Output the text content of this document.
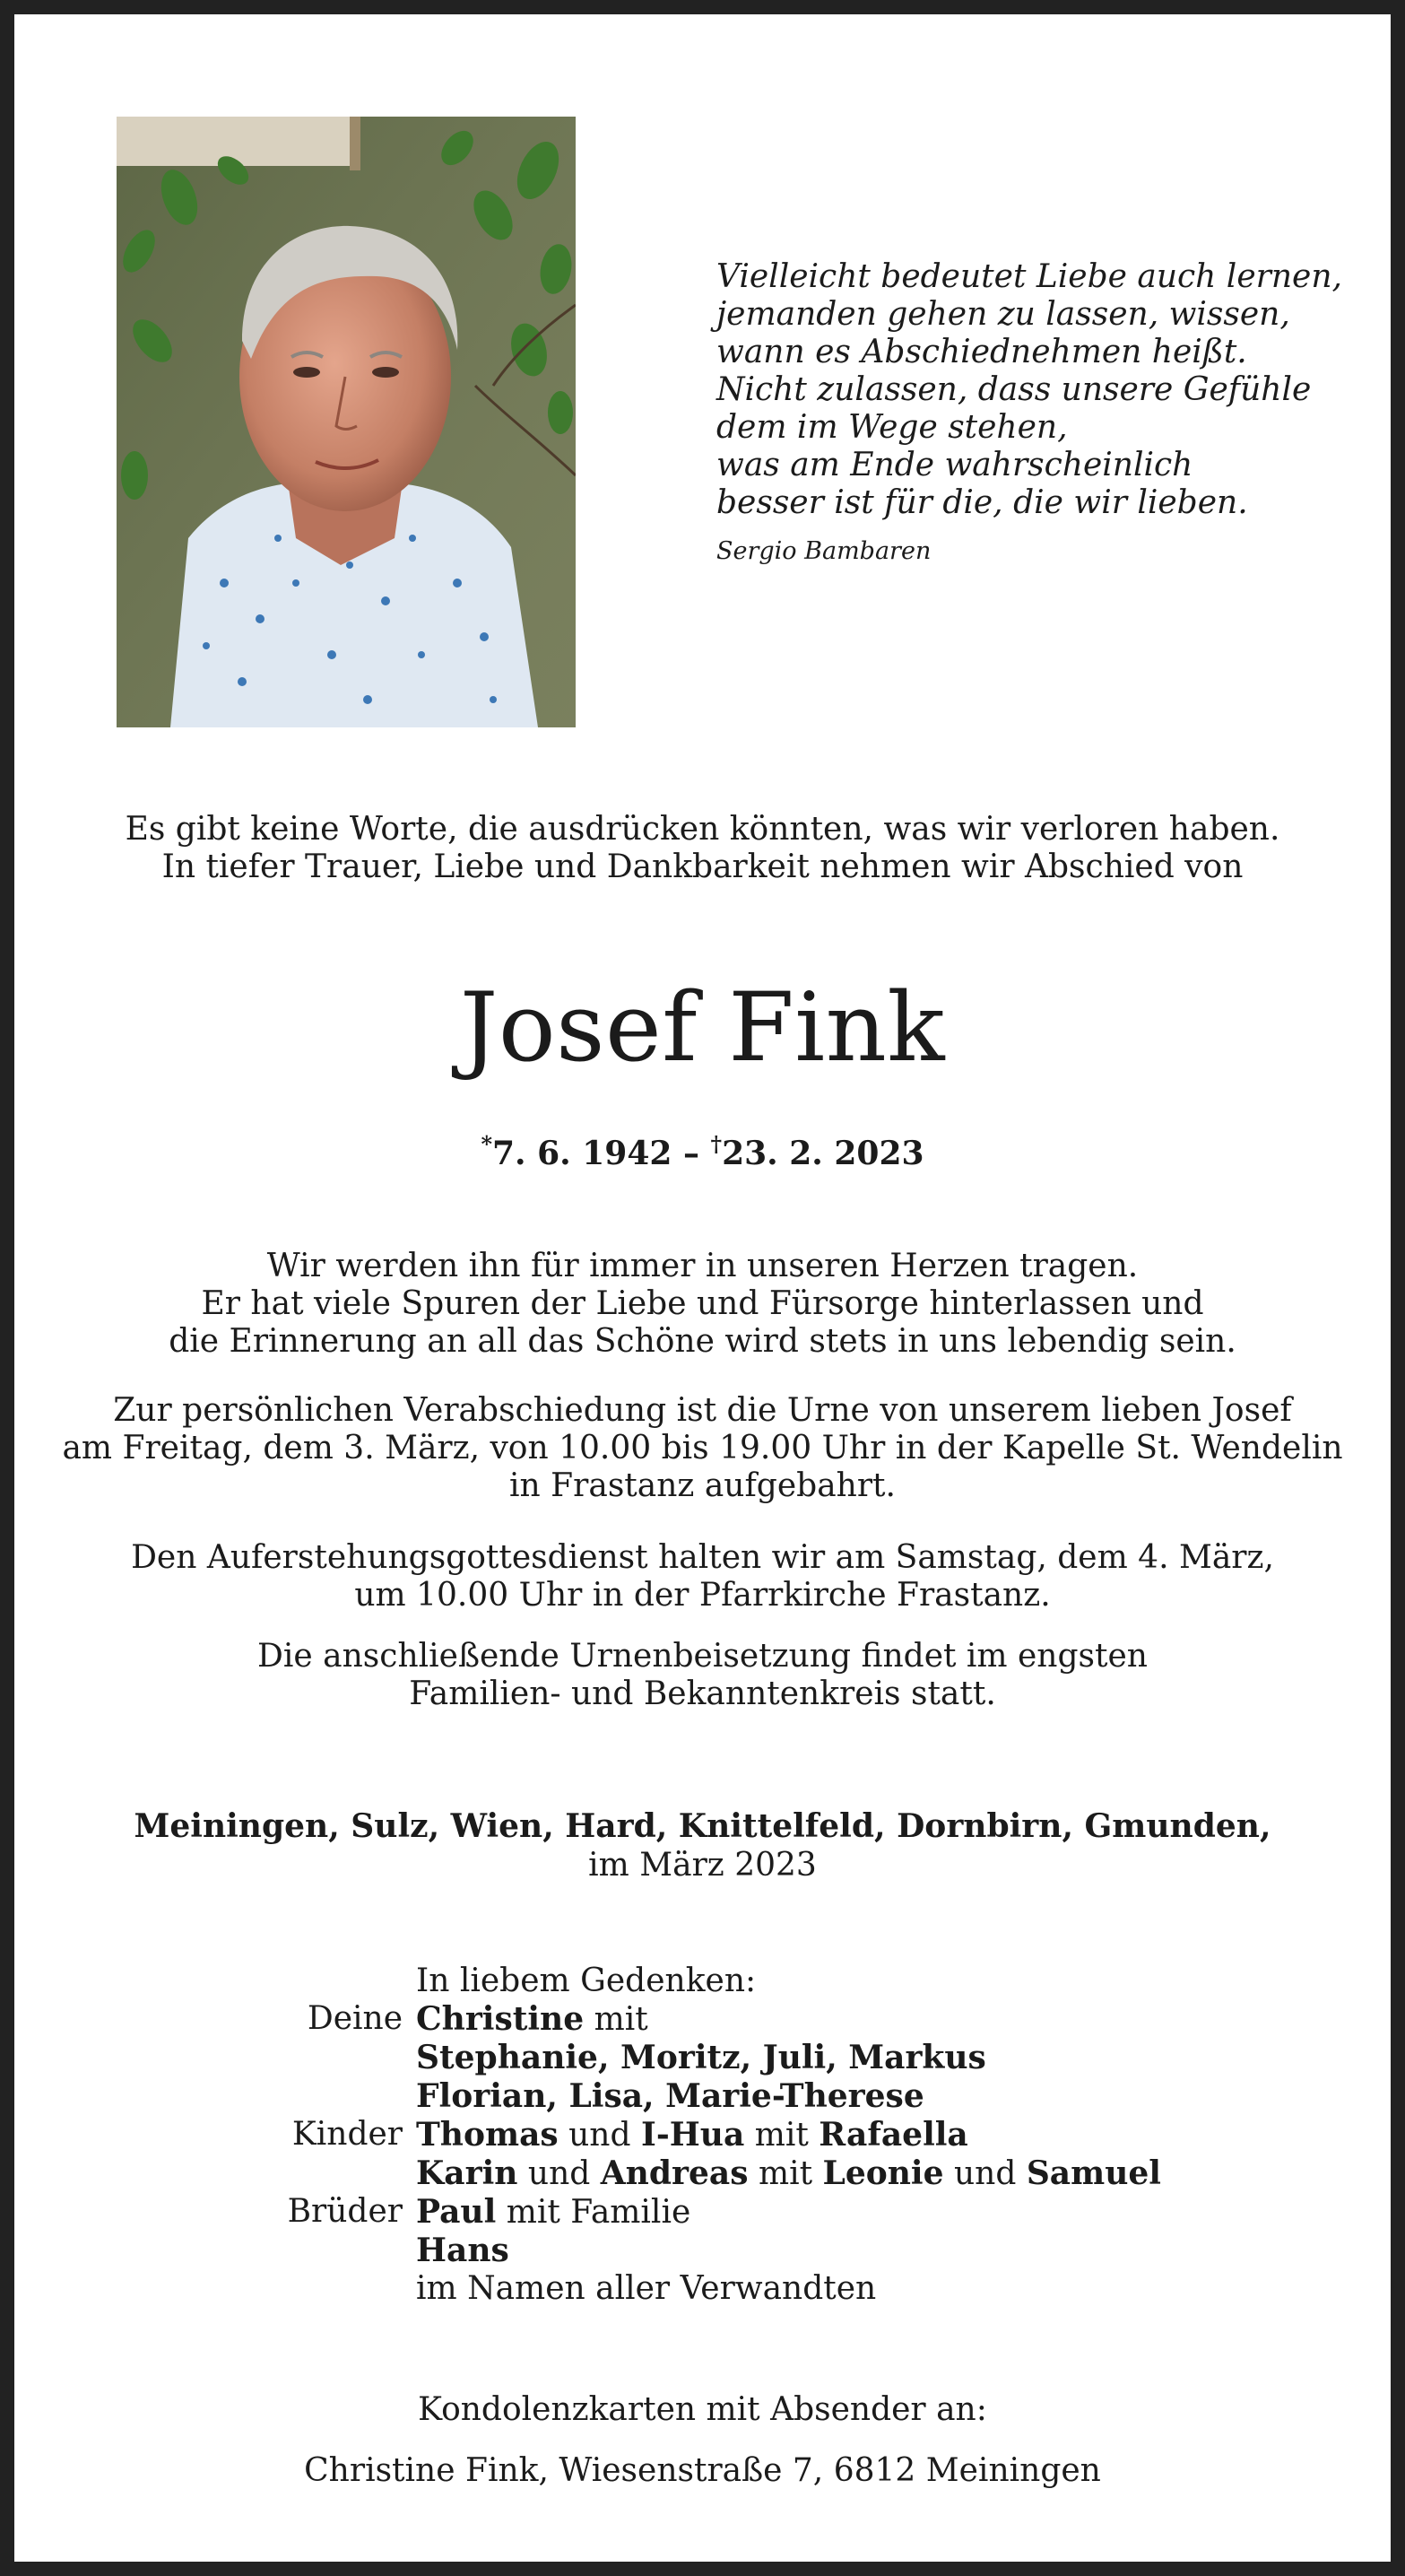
Vielleicht bedeutet Liebe auch lernen,
jemanden gehen zu lassen, wissen,
wann es Abschiednehmen heißt.
Nicht zulassen, dass unsere Gefühle
dem im Wege stehen,
was am Ende wahrscheinlich
besser ist für die, die wir lieben.
Sergio Bambaren
Es gibt keine Worte, die ausdrücken könnten, was wir verloren haben.
In tiefer Trauer, Liebe und Dankbarkeit nehmen wir Abschied von
Josef Fink
*7. 6. 1942 – †23. 2. 2023
Wir werden ihn für immer in unseren Herzen tragen.
Er hat viele Spuren der Liebe und Fürsorge hinterlassen und
die Erinnerung an all das Schöne wird stets in uns lebendig sein.
Zur persönlichen Verabschiedung ist die Urne von unserem lieben Josef
am Freitag, dem 3. März, von 10.00 bis 19.00 Uhr in der Kapelle St. Wendelin
in Frastanz aufgebahrt.
Den Auferstehungsgottesdienst halten wir am Samstag, dem 4. März,
um 10.00 Uhr in der Pfarrkirche Frastanz.
Die anschließende Urnenbeisetzung findet im engsten
Familien- und Bekanntenkreis statt.
Meiningen, Sulz, Wien, Hard, Knittelfeld, Dornbirn, Gmunden,
im März 2023
In liebem Gedenken:
Deine Christine mit
Stephanie, Moritz, Juli, Markus
Florian, Lisa, Marie-Therese
Kinder Thomas und I-Hua mit Rafaella
Karin und Andreas mit Leonie und Samuel
Brüder Paul mit Familie
Hans
im Namen aller Verwandten
Kondolenzkarten mit Absender an:
Christine Fink, Wiesenstraße 7, 6812 Meiningen
